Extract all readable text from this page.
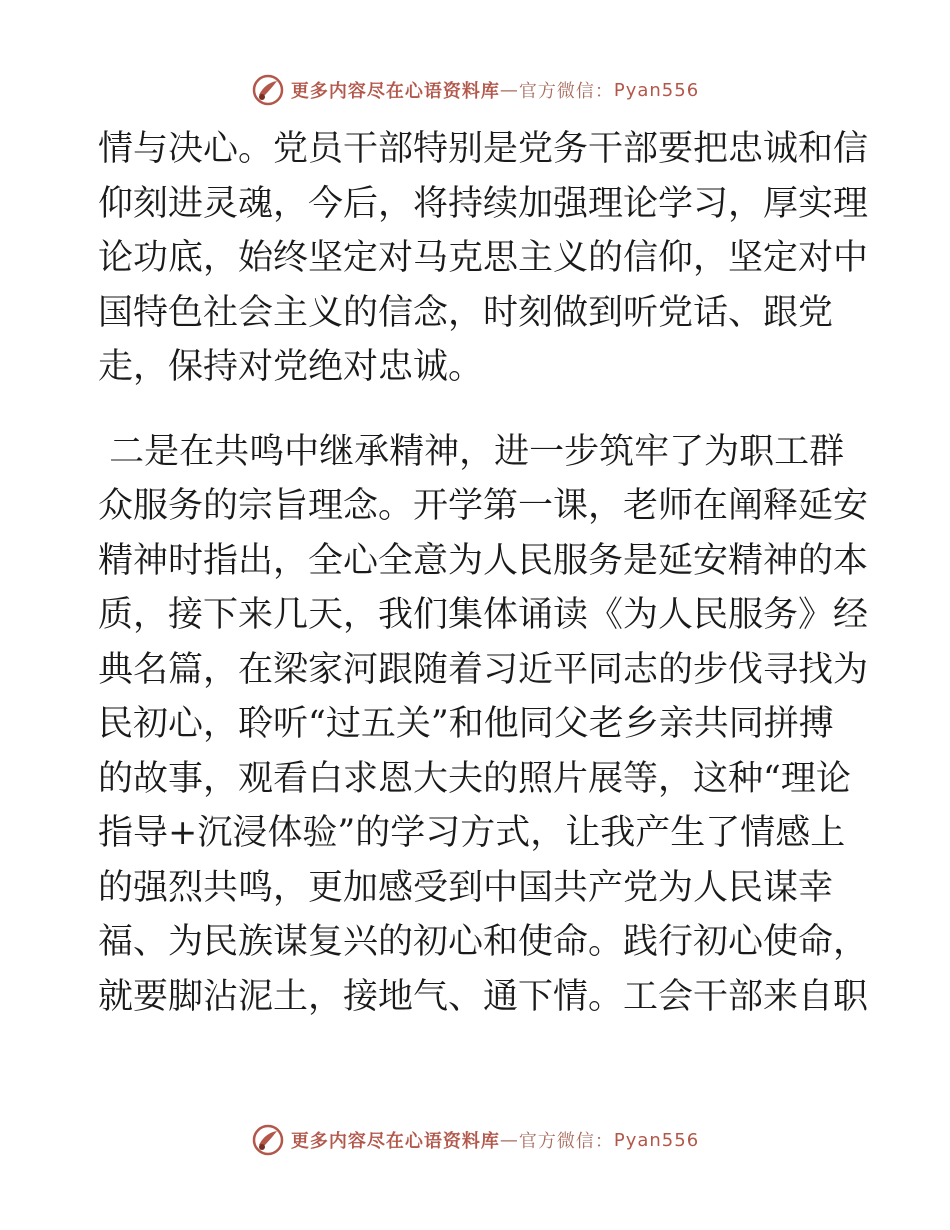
更多内容尽在心语资料库 — 官方微信： Pyan556
情与决心。党员干部特别是党务干部要把忠诚和信
仰刻进灵魂，今后，将持续加强理论学习，厚实理
论功底，始终坚定对马克思主义的信仰，坚定对中
国特色社会主义的信念，时刻做到听党话、跟党
走，保持对党绝对忠诚。
二是在共鸣中继承精神，进一步筑牢了为职工群
众服务的宗旨理念。开学第一课，老师在阐释延安
精神时指出，全心全意为人民服务是延安精神的本
质，接下来几天，我们集体诵读《为人民服务》经
典名篇，在梁家河跟随着习近平同志的步伐寻找为
民初心，聆听“过五关”和他同父老乡亲共同拼搏
的故事，观看白求恩大夫的照片展等，这种“理论
指导+沉浸体验”的学习方式，让我产生了情感上
的强烈共鸣，更加感受到中国共产党为人民谋幸
福、为民族谋复兴的初心和使命。践行初心使命，
就要脚沾泥土，接地气、通下情。工会干部来自职
更多内容尽在心语资料库 — 官方微信： Pyan556
